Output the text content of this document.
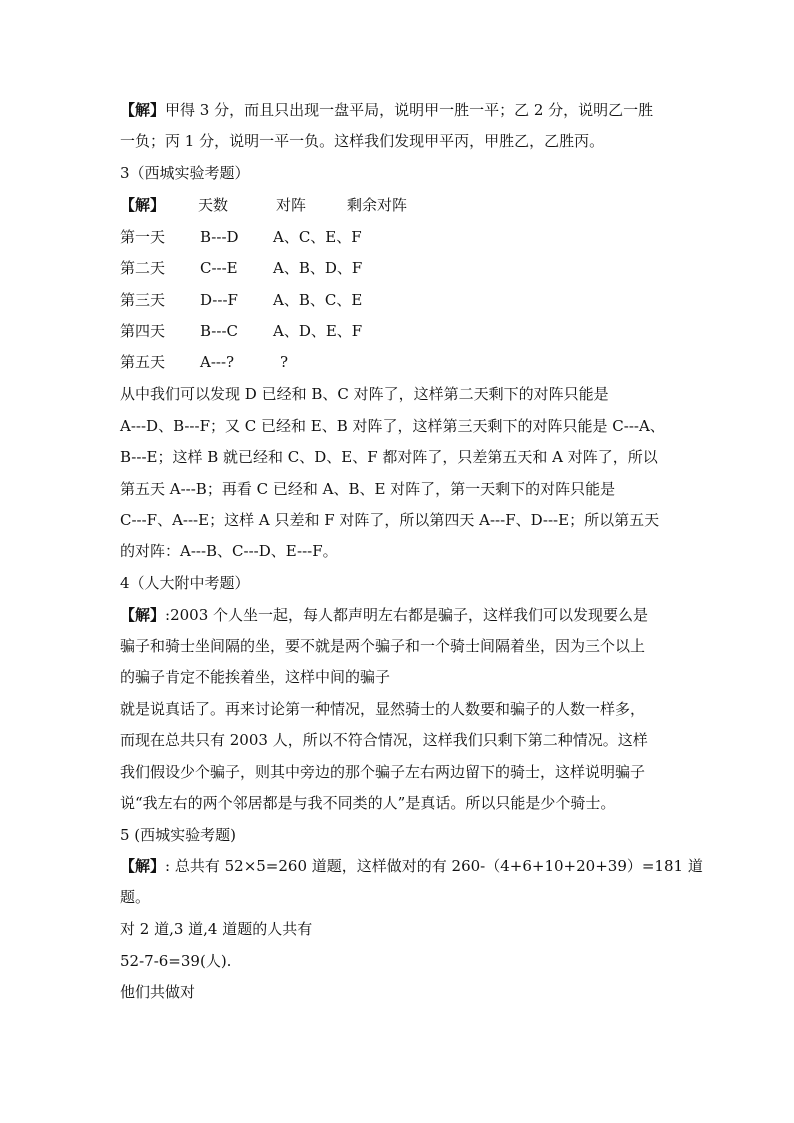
【解】甲得 3 分，而且只出现一盘平局，说明甲一胜一平；乙 2 分，说明乙一胜
一负；丙 1 分，说明一平一负。这样我们发现甲平丙，甲胜乙，乙胜丙。
3（西城实验考题）
【解】 天数	对阵	剩余对阵
第一天 B---D A、C、E、F
第二天 C---E A、B、D、F
第三天 D---F A、B、C、E
第四天 B---C A、D、E、F
第五天 A---?	?
从中我们可以发现 D 已经和 B、C 对阵了，这样第二天剩下的对阵只能是
A---D、B---F；又 C 已经和 E、B 对阵了，这样第三天剩下的对阵只能是 C---A、
B---E；这样 B 就已经和 C、D、E、F 都对阵了，只差第五天和 A 对阵了，所以
第五天 A---B；再看 C 已经和 A、B、E 对阵了，第一天剩下的对阵只能是
C---F、A---E；这样 A 只差和 F 对阵了，所以第四天 A---F、D---E；所以第五天
的对阵：A---B、C---D、E---F。
4（人大附中考题）
【解】:2003 个人坐一起，每人都声明左右都是骗子，这样我们可以发现要么是
骗子和骑士坐间隔的坐，要不就是两个骗子和一个骑士间隔着坐，因为三个以上
的骗子肯定不能挨着坐，这样中间的骗子
就是说真话了。再来讨论第一种情况，显然骑士的人数要和骗子的人数一样多，
而现在总共只有 2003 人，所以不符合情况，这样我们只剩下第二种情况。这样
我们假设少个骗子，则其中旁边的那个骗子左右两边留下的骑士，这样说明骗子
说“我左右的两个邻居都是与我不同类的人”是真话。所以只能是少个骑士。
5 (西城实验考题)
【解】: 总共有 52×5=260 道题，这样做对的有 260-（4+6+10+20+39）=181 道
题。
对 2 道,3 道,4 道题的人共有
52-7-6=39(人).
他们共做对
